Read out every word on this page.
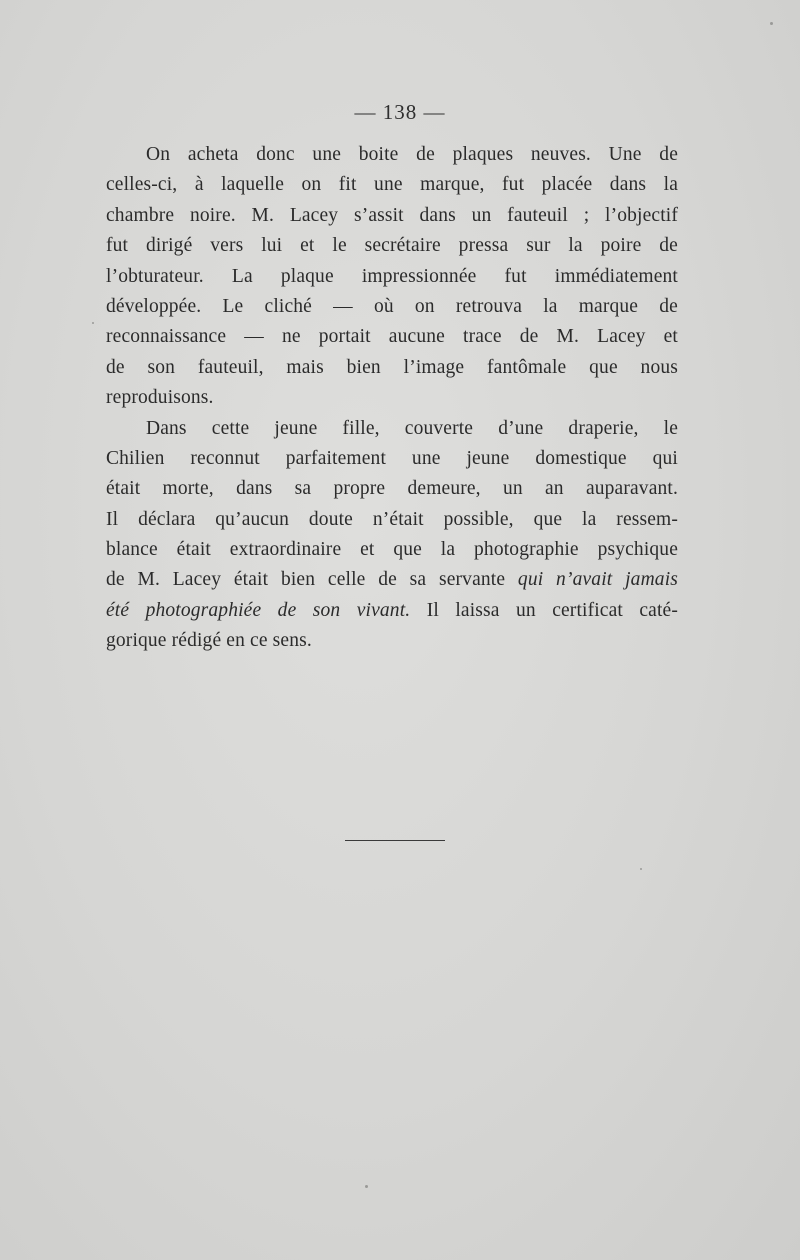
— 138 —
On acheta donc une boite de plaques neuves. Une de
celles-ci, à laquelle on fit une marque, fut placée dans la
chambre noire. M. Lacey s’assit dans un fauteuil ; l’objectif
fut dirigé vers lui et le secrétaire pressa sur la poire de
l’obturateur. La plaque impressionnée fut immédiatement
développée. Le cliché — où on retrouva la marque de
reconnaissance — ne portait aucune trace de M. Lacey et
de son fauteuil, mais bien l’image fantômale que nous
reproduisons.
Dans cette jeune fille, couverte d’une draperie, le
Chilien reconnut parfaitement une jeune domestique qui
était morte, dans sa propre demeure, un an auparavant.
Il déclara qu’aucun doute n’était possible, que la ressem-
blance était extraordinaire et que la photographie psychique
de M. Lacey était bien celle de sa servante qui n’avait jamais
été photographiée de son vivant. Il laissa un certificat caté-
gorique rédigé en ce sens.
